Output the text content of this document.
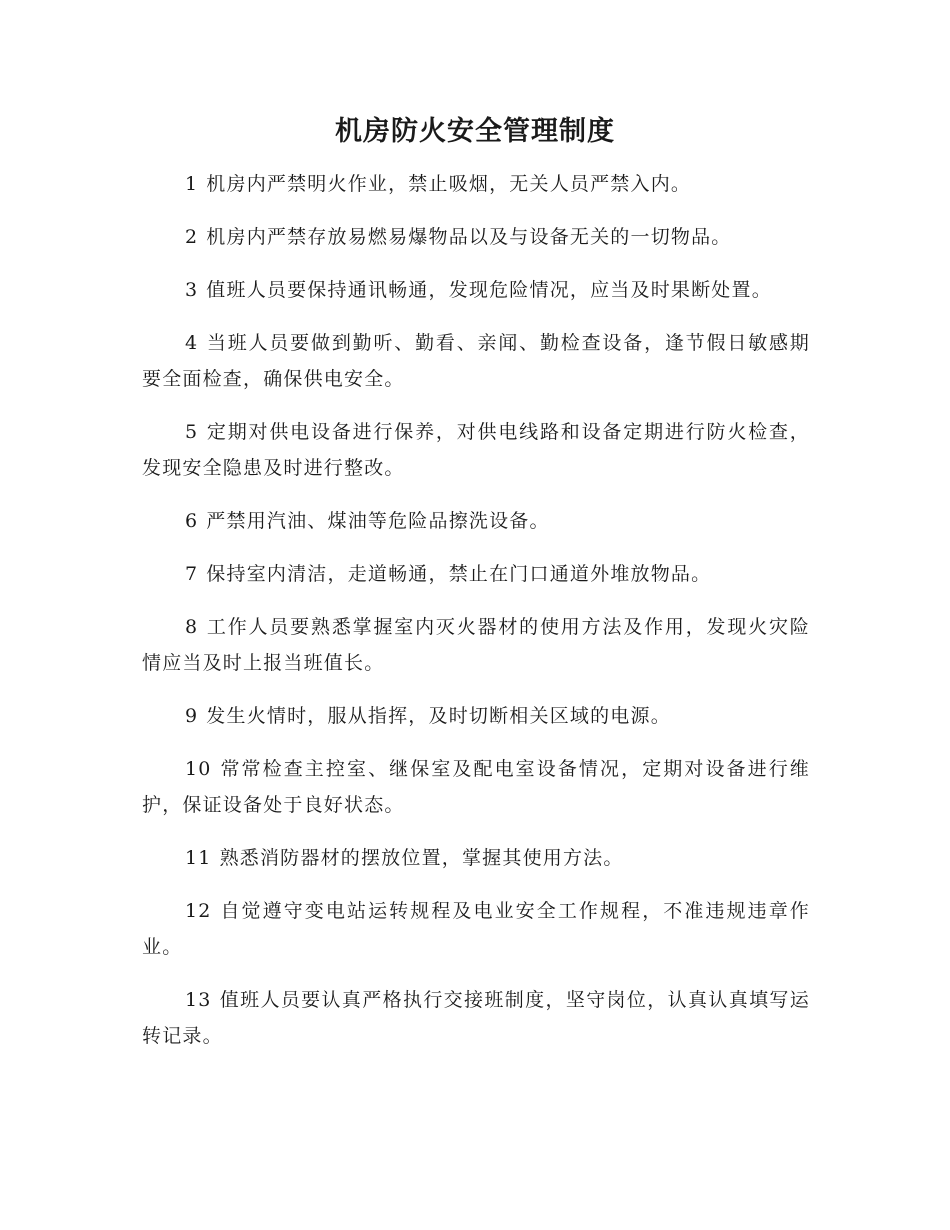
机房防火安全管理制度
1 机房内严禁明火作业，禁止吸烟，无关人员严禁入内。
2 机房内严禁存放易燃易爆物品以及与设备无关的一切物品。
3 值班人员要保持通讯畅通，发现危险情况，应当及时果断处置。
4 当班人员要做到勤听、勤看、亲闻、勤检查设备，逢节假日敏感期要全面检查，确保供电安全。
5 定期对供电设备进行保养，对供电线路和设备定期进行防火检查，发现安全隐患及时进行整改。
6 严禁用汽油、煤油等危险品擦洗设备。
7 保持室内清洁，走道畅通，禁止在门口通道外堆放物品。
8 工作人员要熟悉掌握室内灭火器材的使用方法及作用，发现火灾险情应当及时上报当班值长。
9 发生火情时，服从指挥，及时切断相关区域的电源。
10 常常检查主控室、继保室及配电室设备情况，定期对设备进行维护，保证设备处于良好状态。
11 熟悉消防器材的摆放位置，掌握其使用方法。
12 自觉遵守变电站运转规程及电业安全工作规程，不准违规违章作业。
13 值班人员要认真严格执行交接班制度，坚守岗位，认真认真填写运转记录。
